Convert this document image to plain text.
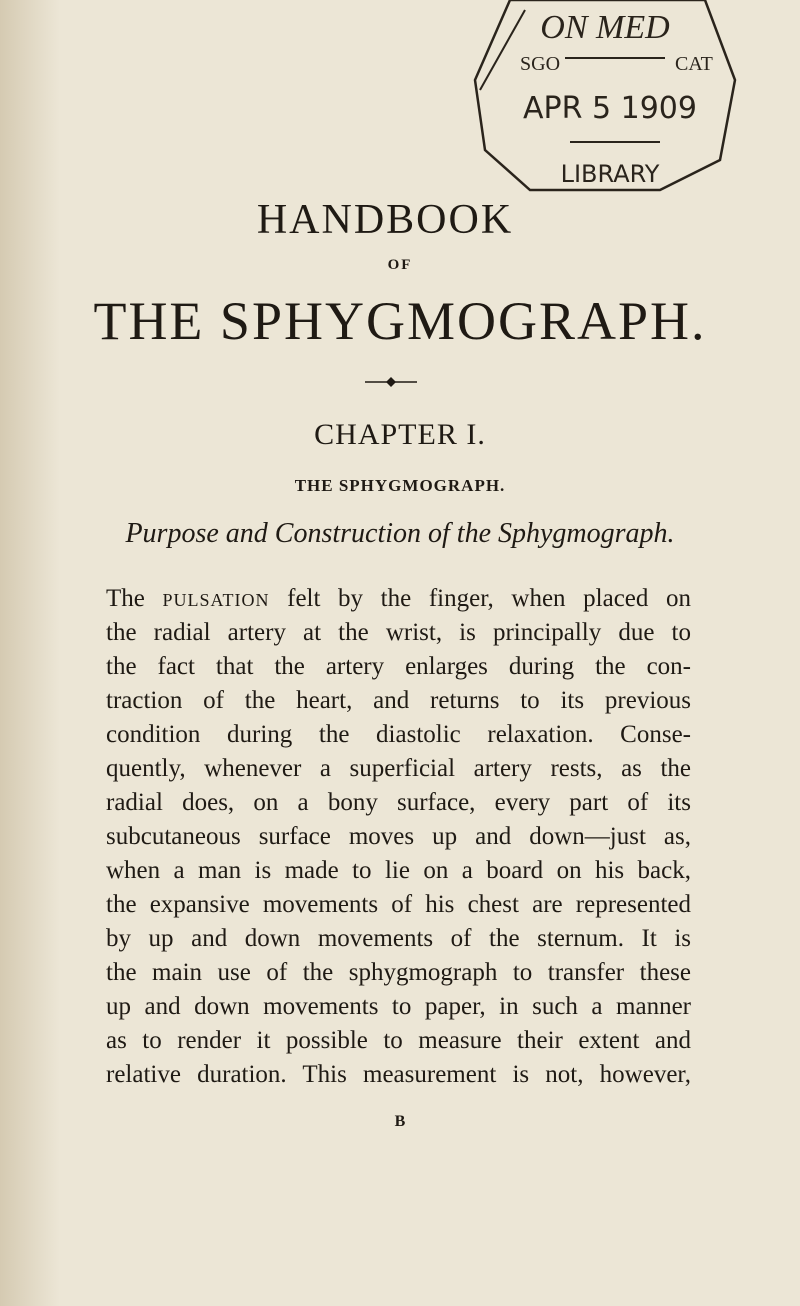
ON MED
SGO	CAT
APR 5 1909
LIBRARY
HANDBOOK
OF
THE SPHYGMOGRAPH.
CHAPTER I.
THE SPHYGMOGRAPH.
Purpose and Construction of the Sphygmograph.
The pulsation felt by the finger, when placed on
the radial artery at the wrist, is principally due to
the fact that the artery enlarges during the con-
traction of the heart, and returns to its previous
condition during the diastolic relaxation. Conse-
quently, whenever a superficial artery rests, as the
radial does, on a bony surface, every part of its
subcutaneous surface moves up and down—just as,
when a man is made to lie on a board on his back,
the expansive movements of his chest are represented
by up and down movements of the sternum. It is
the main use of the sphygmograph to transfer these
up and down movements to paper, in such a manner
as to render it possible to measure their extent and
relative duration. This measurement is not, however,
B
